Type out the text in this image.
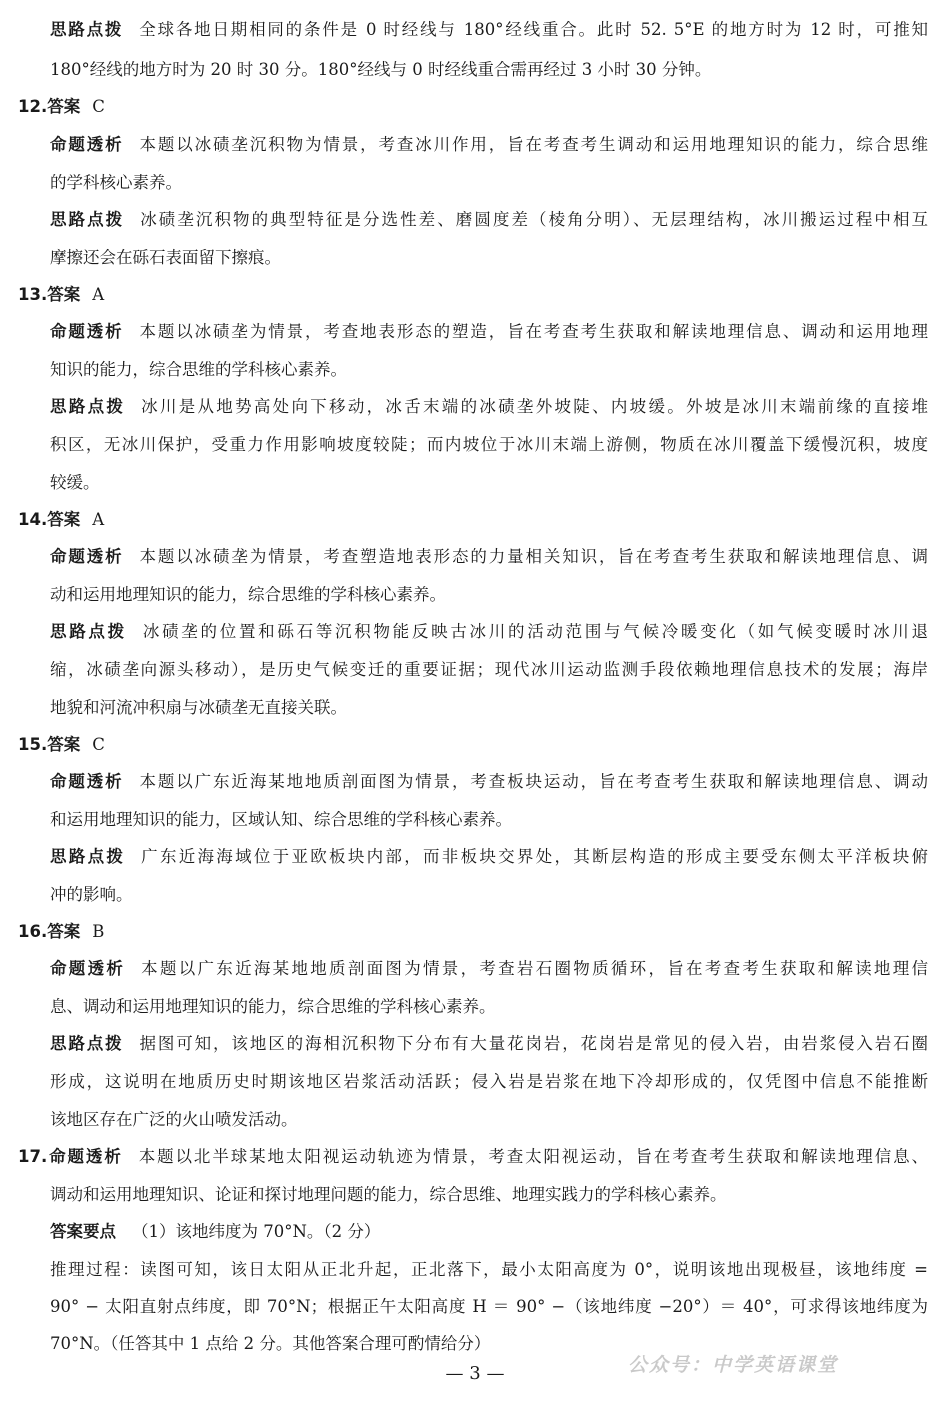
思路点拨 全球各地日期相同的条件是 0 时经线与 180°经线重合。此时 52. 5°E 的地方时为 12 时，可推知
180°经线的地方时为 20 时 30 分。180°经线与 0 时经线重合需再经过 3 小时 30 分钟。
12.答案 C
命题透析 本题以冰碛垄沉积物为情景，考查冰川作用，旨在考查考生调动和运用地理知识的能力，综合思维
的学科核心素养。
思路点拨 冰碛垄沉积物的典型特征是分选性差、磨圆度差（棱角分明）、无层理结构，冰川搬运过程中相互
摩擦还会在砾石表面留下擦痕。
13.答案 A
命题透析 本题以冰碛垄为情景，考查地表形态的塑造，旨在考查考生获取和解读地理信息、调动和运用地理
知识的能力，综合思维的学科核心素养。
思路点拨 冰川是从地势高处向下移动，冰舌末端的冰碛垄外坡陡、内坡缓。外坡是冰川末端前缘的直接堆
积区，无冰川保护，受重力作用影响坡度较陡；而内坡位于冰川末端上游侧，物质在冰川覆盖下缓慢沉积，坡度
较缓。
14.答案 A
命题透析 本题以冰碛垄为情景，考查塑造地表形态的力量相关知识，旨在考查考生获取和解读地理信息、调
动和运用地理知识的能力，综合思维的学科核心素养。
思路点拨 冰碛垄的位置和砾石等沉积物能反映古冰川的活动范围与气候冷暖变化（如气候变暖时冰川退
缩，冰碛垄向源头移动），是历史气候变迁的重要证据；现代冰川运动监测手段依赖地理信息技术的发展；海岸
地貌和河流冲积扇与冰碛垄无直接关联。
15.答案 C
命题透析 本题以广东近海某地地质剖面图为情景，考查板块运动，旨在考查考生获取和解读地理信息、调动
和运用地理知识的能力，区域认知、综合思维的学科核心素养。
思路点拨 广东近海海域位于亚欧板块内部，而非板块交界处，其断层构造的形成主要受东侧太平洋板块俯
冲的影响。
16.答案 B
命题透析 本题以广东近海某地地质剖面图为情景，考查岩石圈物质循环，旨在考查考生获取和解读地理信
息、调动和运用地理知识的能力，综合思维的学科核心素养。
思路点拨 据图可知，该地区的海相沉积物下分布有大量花岗岩，花岗岩是常见的侵入岩，由岩浆侵入岩石圈
形成，这说明在地质历史时期该地区岩浆活动活跃；侵入岩是岩浆在地下冷却形成的，仅凭图中信息不能推断
该地区存在广泛的火山喷发活动。
17.命题透析 本题以北半球某地太阳视运动轨迹为情景，考查太阳视运动，旨在考查考生获取和解读地理信息、
调动和运用地理知识、论证和探讨地理问题的能力，综合思维、地理实践力的学科核心素养。
答案要点 （1）该地纬度为 70°N。（2 分）
推理过程：读图可知，该日太阳从正北升起，正北落下，最小太阳高度为 0°，说明该地出现极昼，该地纬度 =
90° − 太阳直射点纬度，即 70°N；根据正午太阳高度 H ＝ 90° −（该地纬度 −20°）＝ 40°，可求得该地纬度为
70°N。（任答其中 1 点给 2 分。其他答案合理可酌情给分）
— 3 —	公众号：中学英语课堂
